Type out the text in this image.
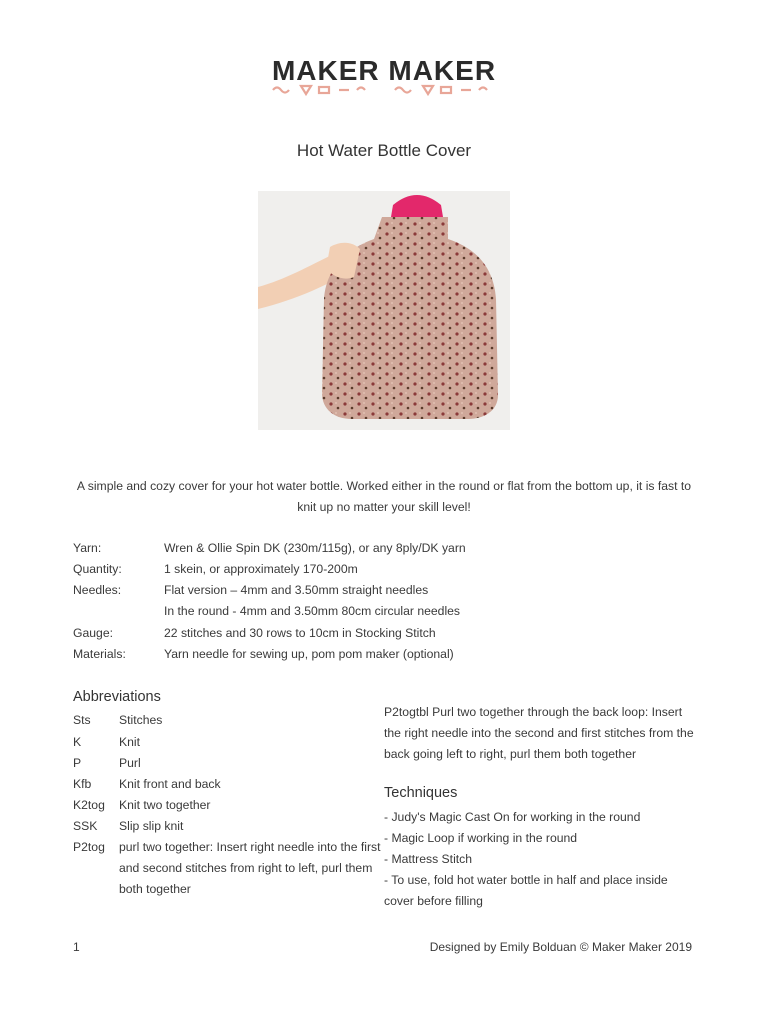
MAKER MAKER
Hot Water Bottle Cover
A simple and cozy cover for your hot water bottle. Worked either in the round or flat from the bottom up, it is fast to knit up no matter your skill level!
Yarn:	Wren & Ollie Spin DK (230m/115g), or any 8ply/DK yarn
Quantity:	1 skein, or approximately 170-200m
Needles:	Flat version – 4mm and 3.50mm straight needles
In the round - 4mm and 3.50mm 80cm circular needles
Gauge:	22 stitches and 30 rows to 10cm in Stocking Stitch
Materials:	Yarn needle for sewing up, pom pom maker (optional)
Abbreviations
Sts Stitches
K	Knit
P	Purl
Kfb Knit front and back
K2tog Knit two together
SSK Slip slip knit
P2tog purl two together: Insert right needle into the first and second stitches from right to left, purl them both together
P2togtbl Purl two together through the back loop: Insert the right needle into the second and first stitches from the back going left to right, purl them both together
Techniques
- Judy's Magic Cast On for working in the round
- Magic Loop if working in the round
- Mattress Stitch
- To use, fold hot water bottle in half and place inside cover before filling
1	Designed by Emily Bolduan © Maker Maker 2019
